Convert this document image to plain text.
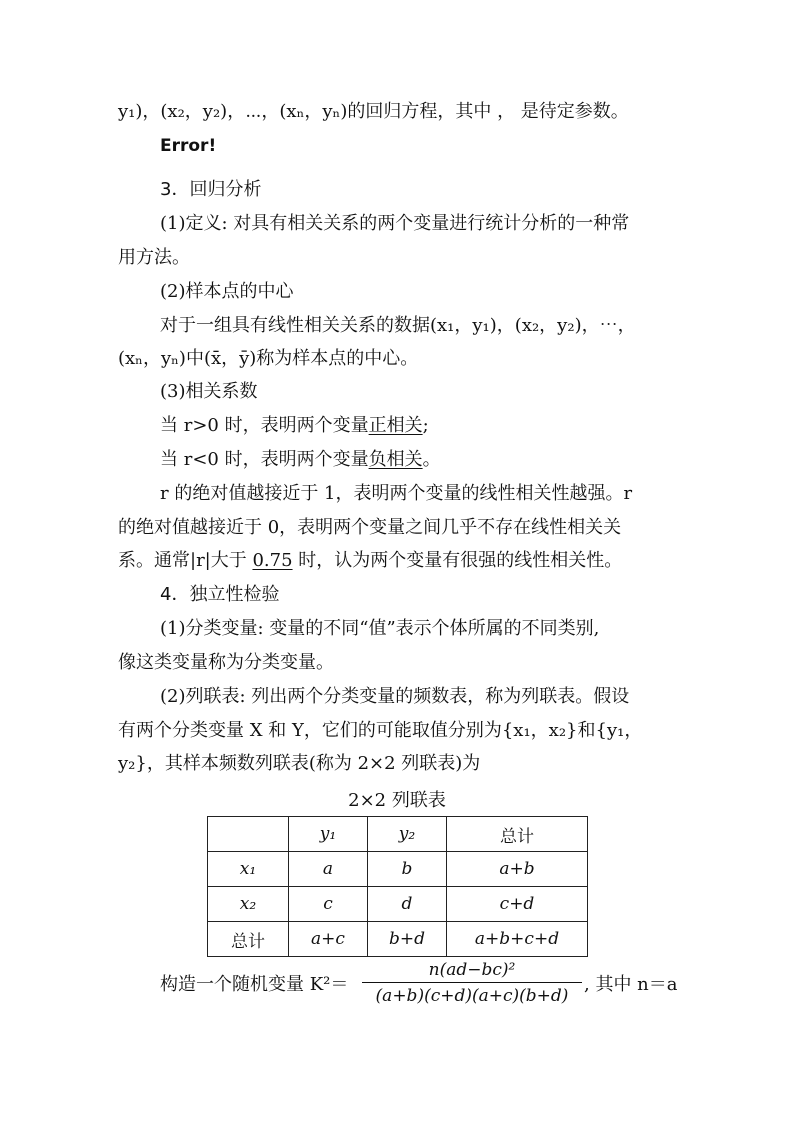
y₁)，(x₂，y₂)，⋯，(xₙ，yₙ)的回归方程，其中 ， 是待定参数。
Error!
3．回归分析
(1)定义: 对具有相关关系的两个变量进行统计分析的一种常
用方法。
(2)样本点的中心
对于一组具有线性相关关系的数据(x₁，y₁)，(x₂，y₂)，⋯，
(xₙ，yₙ)中(x̄，ȳ)称为样本点的中心。
(3)相关系数
当 r>0 时，表明两个变量正相关;
当 r<0 时，表明两个变量负相关。
r 的绝对值越接近于 1，表明两个变量的线性相关性越强。r
的绝对值越接近于 0，表明两个变量之间几乎不存在线性相关关
系。通常|r|大于 0.75 时，认为两个变量有很强的线性相关性。
4．独立性检验
(1)分类变量: 变量的不同“值”表示个体所属的不同类别,
像这类变量称为分类变量。
(2)列联表: 列出两个分类变量的频数表，称为列联表。假设
有两个分类变量 X 和 Y，它们的可能取值分别为{x₁，x₂}和{y₁，
y₂}，其样本频数列联表(称为 2×2 列联表)为
2×2 列联表
	y₁	y₂	总计
x₁	a	b	a+b
x₂	c	d	c+d
总计	a+c	b+d	a+b+c+d
构造一个随机变量 $K^2= \frac{\text{n(ad−bc)²}}{(a+b)(c+d)(a+c)(b+d)}$ , 其中 n＝a
